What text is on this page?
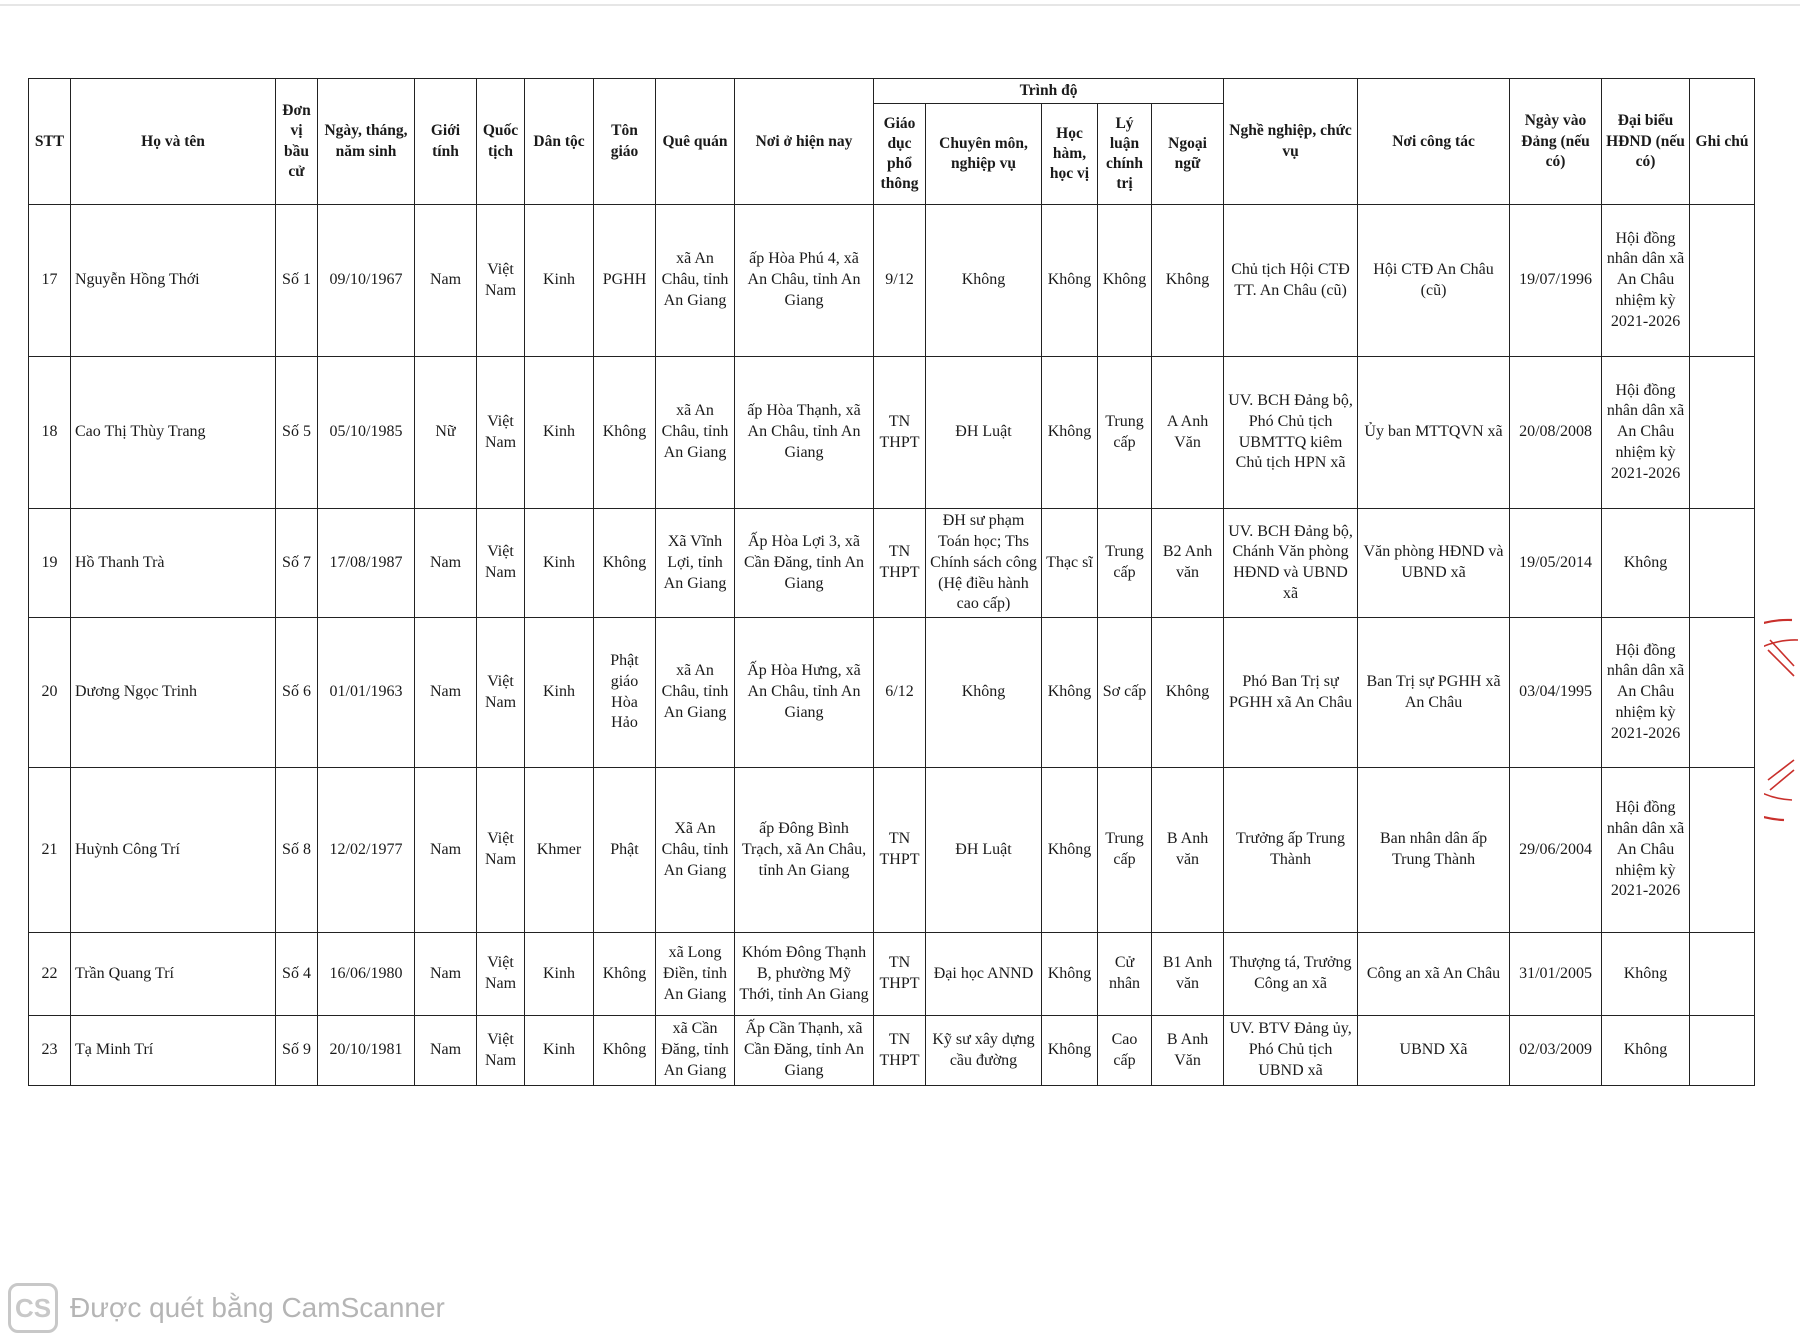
STT	Họ và tên	Đơn vị bầu cử	Ngày, tháng, năm sinh	Giới tính	Quốc tịch	Dân tộc	Tôn giáo	Quê quán	Nơi ở hiện nay	Trình độ					Nghề nghiệp, chức vụ	Nơi công tác	Ngày vào Đảng (nếu có)	Đại biểu HĐND (nếu có)	Ghi chú
										Giáo dục phổ thông	Chuyên môn, nghiệp vụ	Học hàm, học vị	Lý luận chính trị	Ngoại ngữ					
17	Nguyễn Hồng Thới	Số 1	09/10/1967	Nam	Việt Nam	Kinh	PGHH	xã An Châu, tỉnh An Giang	ấp Hòa Phú 4, xã An Châu, tỉnh An Giang	9/12	Không	Không	Không	Không	Chủ tịch Hội CTĐ TT. An Châu (cũ)	Hội CTĐ An Châu (cũ)	19/07/1996	Hội đồng nhân dân xã An Châu nhiệm kỳ 2021-2026	
18	Cao Thị Thùy Trang	Số 5	05/10/1985	Nữ	Việt Nam	Kinh	Không	xã An Châu, tỉnh An Giang	ấp Hòa Thạnh, xã An Châu, tỉnh An Giang	TN THPT	ĐH Luật	Không	Trung cấp	A Anh Văn	UV. BCH Đảng bộ, Phó Chủ tịch UBMTTQ kiêm Chủ tịch HPN xã	Ủy ban MTTQVN xã	20/08/2008	Hội đồng nhân dân xã An Châu nhiệm kỳ 2021-2026	
19	Hồ Thanh Trà	Số 7	17/08/1987	Nam	Việt Nam	Kinh	Không	Xã Vĩnh Lợi, tỉnh An Giang	Ấp Hòa Lợi 3, xã Cần Đăng, tỉnh An Giang	TN THPT	ĐH sư phạm Toán học; Ths Chính sách công (Hệ điều hành cao cấp)	Thạc sĩ	Trung cấp	B2 Anh văn	UV. BCH Đảng bộ, Chánh Văn phòng HĐND và UBND xã	Văn phòng HĐND và UBND xã	19/05/2014	Không	
20	Dương Ngọc Trinh	Số 6	01/01/1963	Nam	Việt Nam	Kinh	Phật giáo Hòa Hảo	xã An Châu, tỉnh An Giang	Ấp Hòa Hưng, xã An Châu, tỉnh An Giang	6/12	Không	Không	Sơ cấp	Không	Phó Ban Trị sự PGHH xã An Châu	Ban Trị sự PGHH xã An Châu	03/04/1995	Hội đồng nhân dân xã An Châu nhiệm kỳ 2021-2026	
21	Huỳnh Công Trí	Số 8	12/02/1977	Nam	Việt Nam	Khmer	Phật	Xã An Châu, tỉnh An Giang	ấp Đông Bình Trạch, xã An Châu, tỉnh An Giang	TN THPT	ĐH Luật	Không	Trung cấp	B Anh văn	Trưởng ấp Trung Thành	Ban nhân dân ấp Trung Thành	29/06/2004	Hội đồng nhân dân xã An Châu nhiệm kỳ 2021-2026	
22	Trần Quang Trí	Số 4	16/06/1980	Nam	Việt Nam	Kinh	Không	xã Long Điền, tỉnh An Giang	Khóm Đông Thạnh B, phường Mỹ Thới, tỉnh An Giang	TN THPT	Đại học ANND	Không	Cử nhân	B1 Anh văn	Thượng tá, Trưởng Công an xã	Công an xã An Châu	31/01/2005	Không	
23	Tạ Minh Trí	Số 9	20/10/1981	Nam	Việt Nam	Kinh	Không	xã Cần Đăng, tỉnh An Giang	Ấp Cần Thạnh, xã Cần Đăng, tỉnh An Giang	TN THPT	Kỹ sư xây dựng cầu đường	Không	Cao cấp	B Anh Văn	UV. BTV Đảng ủy, Phó Chủ tịch UBND xã	UBND Xã	02/03/2009	Không	
CS Được quét bằng CamScanner
